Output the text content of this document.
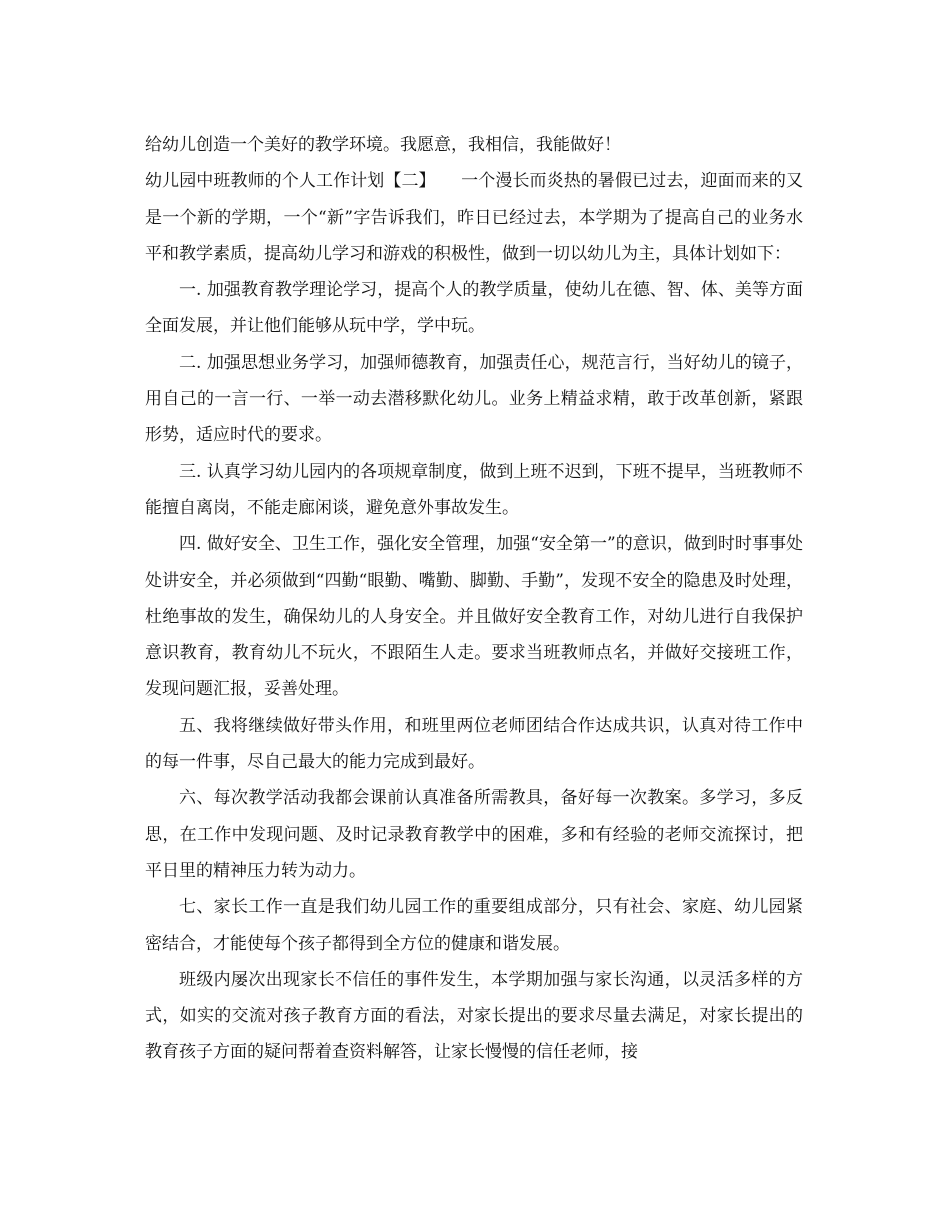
给幼儿创造一个美好的教学环境。我愿意，我相信，我能做好！

幼儿园中班教师的个人工作计划【二】 一个漫长而炎热的暑假已过去，迎面而来的又是一个新的学期，一个“新”字告诉我们，昨日已经过去，本学期为了提高自己的业务水平和教学素质，提高幼儿学习和游戏的积极性，做到一切以幼儿为主，具体计划如下：

一. 加强教育教学理论学习，提高个人的教学质量，使幼儿在德、智、体、美等方面全面发展，并让他们能够从玩中学，学中玩。

二. 加强思想业务学习，加强师德教育，加强责任心，规范言行，当好幼儿的镜子，用自己的一言一行、一举一动去潜移默化幼儿。业务上精益求精，敢于改革创新，紧跟形势，适应时代的要求。

三. 认真学习幼儿园内的各项规章制度，做到上班不迟到，下班不提早，当班教师不能擅自离岗，不能走廊闲谈，避免意外事故发生。

四. 做好安全、卫生工作，强化安全管理，加强“安全第一”的意识，做到时时事事处处讲安全，并必须做到“四勤“眼勤、嘴勤、脚勤、手勤”，发现不安全的隐患及时处理，杜绝事故的发生，确保幼儿的人身安全。并且做好安全教育工作，对幼儿进行自我保护意识教育，教育幼儿不玩火，不跟陌生人走。要求当班教师点名，并做好交接班工作，发现问题汇报，妥善处理。

五、我将继续做好带头作用，和班里两位老师团结合作达成共识，认真对待工作中的每一件事，尽自己最大的能力完成到最好。

六、每次教学活动我都会课前认真准备所需教具，备好每一次教案。多学习，多反思，在工作中发现问题、及时记录教育教学中的困难，多和有经验的老师交流探讨，把平日里的精神压力转为动力。

七、家长工作一直是我们幼儿园工作的重要组成部分，只有社会、家庭、幼儿园紧密结合，才能使每个孩子都得到全方位的健康和谐发展。

班级内屡次出现家长不信任的事件发生，本学期加强与家长沟通，以灵活多样的方式，如实的交流对孩子教育方面的看法，对家长提出的要求尽量去满足，对家长提出的教育孩子方面的疑问帮着查资料解答，让家长慢慢的信任老师，接
